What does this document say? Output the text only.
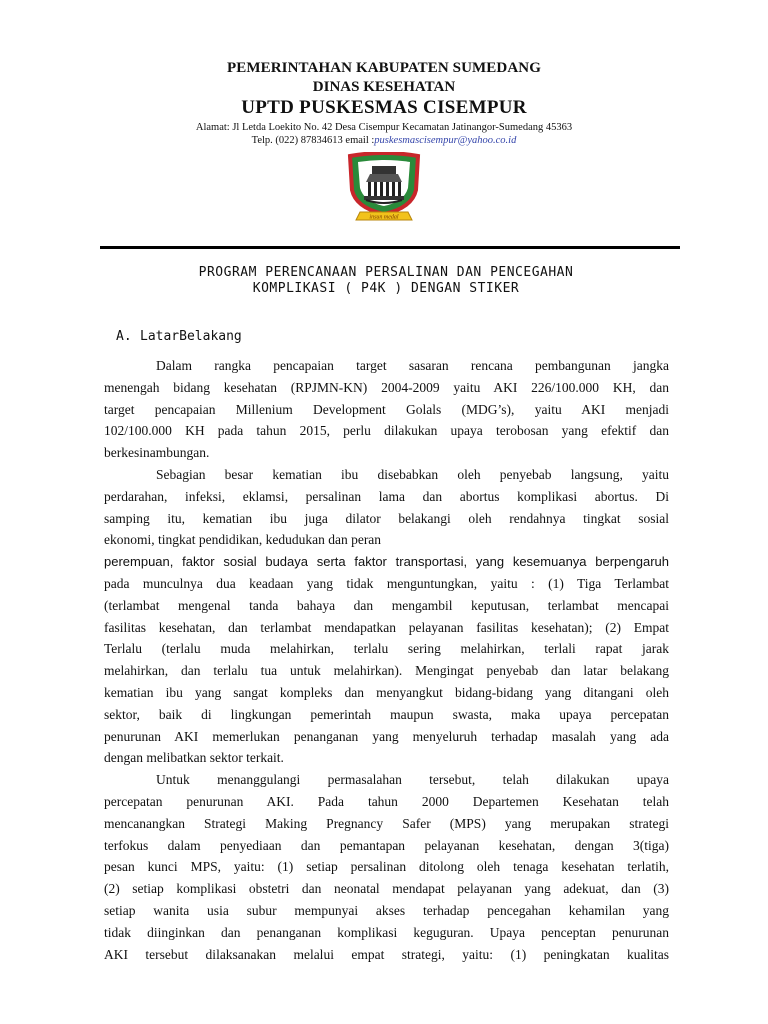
PEMERINTAHAN KABUPATEN SUMEDANG
DINAS KESEHATAN
UPTD PUSKESMAS CISEMPUR
Alamat: Jl Letda Loekito No. 42 Desa Cisempur Kecamatan Jatinangor-Sumedang 45363
Telp. (022) 87834613 email :puskesmascisempur@yahoo.co.id
insun medal
PROGRAM PERENCANAAN PERSALINAN DAN PENCEGAHAN
KOMPLIKASI ( P4K ) DENGAN STIKER
A. LatarBelakang
Dalam rangka pencapaian target sasaran rencana pembangunan jangka
menengah bidang kesehatan (RPJMN-KN) 2004-2009 yaitu AKI 226/100.000 KH, dan
target pencapaian Millenium Development Golals (MDG’s), yaitu AKI menjadi
102/100.000 KH pada tahun 2015, perlu dilakukan upaya terobosan yang efektif dan
berkesinambungan.
Sebagian besar kematian ibu disebabkan oleh penyebab langsung, yaitu
perdarahan, infeksi, eklamsi, persalinan lama dan abortus komplikasi abortus. Di
samping itu, kematian ibu juga dilator belakangi oleh rendahnya tingkat sosial
ekonomi, tingkat pendidikan, kedudukan dan peran
perempuan, faktor sosial budaya serta faktor transportasi, yang kesemuanya berpengaruh
pada munculnya dua keadaan yang tidak menguntungkan, yaitu : (1) Tiga Terlambat
(terlambat mengenal tanda bahaya dan mengambil keputusan, terlambat mencapai
fasilitas kesehatan, dan terlambat mendapatkan pelayanan fasilitas kesehatan); (2) Empat
Terlalu (terlalu muda melahirkan, terlalu sering melahirkan, terlali rapat jarak
melahirkan, dan terlalu tua untuk melahirkan). Mengingat penyebab dan latar belakang
kematian ibu yang sangat kompleks dan menyangkut bidang-bidang yang ditangani oleh
sektor, baik di lingkungan pemerintah maupun swasta, maka upaya percepatan
penurunan AKI memerlukan penanganan yang menyeluruh terhadap masalah yang ada
dengan melibatkan sektor terkait.
Untuk menanggulangi permasalahan tersebut, telah dilakukan upaya
percepatan penurunan AKI. Pada tahun 2000 Departemen Kesehatan telah
mencanangkan Strategi Making Pregnancy Safer (MPS) yang merupakan strategi
terfokus dalam penyediaan dan pemantapan pelayanan kesehatan, dengan 3(tiga)
pesan kunci MPS, yaitu: (1) setiap persalinan ditolong oleh tenaga kesehatan terlatih,
(2) setiap komplikasi obstetri dan neonatal mendapat pelayanan yang adekuat, dan (3)
setiap wanita usia subur mempunyai akses terhadap pencegahan kehamilan yang
tidak diinginkan dan penanganan komplikasi keguguran. Upaya penceptan penurunan
AKI tersebut dilaksanakan melalui empat strategi, yaitu: (1) peningkatan kualitas
